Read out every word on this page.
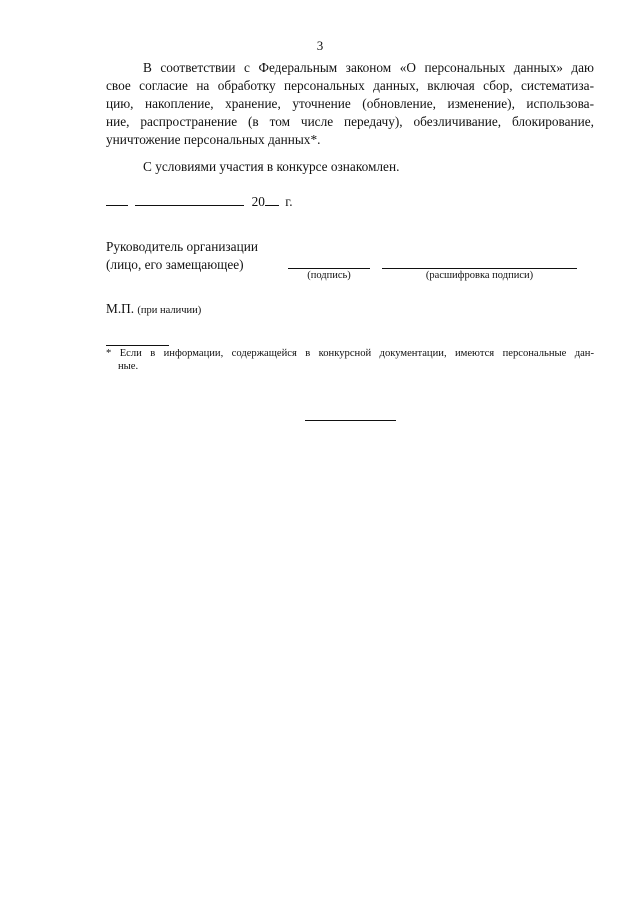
3
В соответствии с Федеральным законом «О персональных данных» даю
свое согласие на обработку персональных данных, включая сбор, систематиза-
цию, накопление, хранение, уточнение (обновление, изменение), использова-
ние, распространение (в том числе передачу), обезличивание, блокирование,
уничтожение персональных данных*.
С условиями участия в конкурсе ознакомлен.
20 г.
Руководитель организации
(лицо, его замещающее)
(подпись)	(расшифровка подписи)
М.П. (при наличии)
* Если в информации, содержащейся в конкурсной документации, имеются персональные дан-
ные.
